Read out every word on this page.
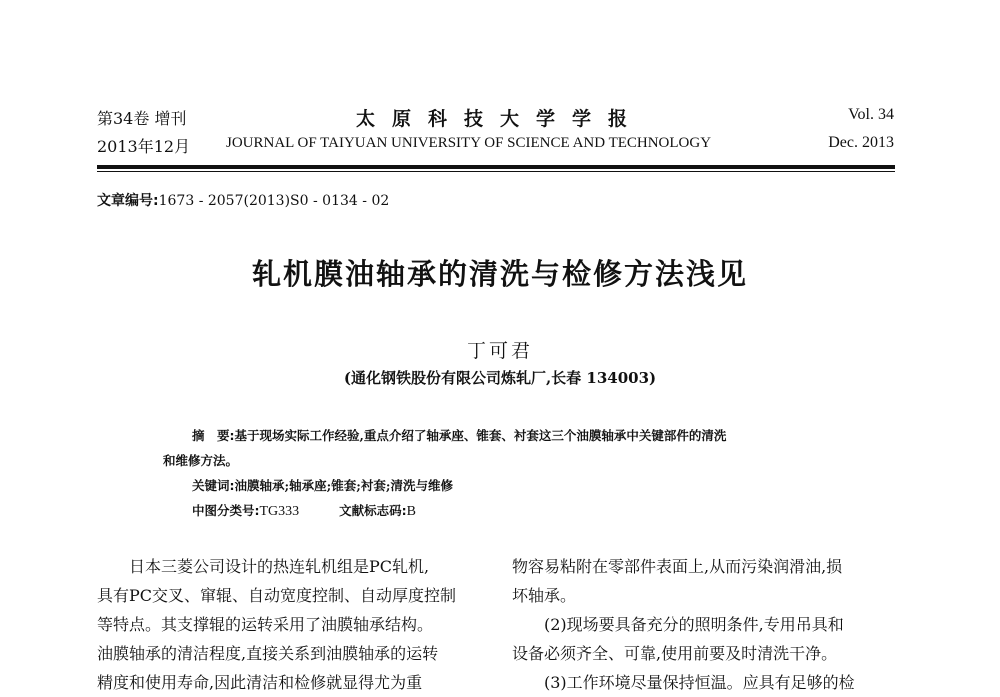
第34卷 增刊
2013年12月
太原科技大学学报
JOURNAL OF TAIYUAN UNIVERSITY OF SCIENCE AND TECHNOLOGY
Vol. 34
Dec. 2013
文章编号:1673 - 2057(2013)S0 - 0134 - 02
轧机膜油轴承的清洗与检修方法浅见
丁可君
(通化钢铁股份有限公司炼轧厂,长春 134003)
摘　要:基于现场实际工作经验,重点介绍了轴承座、锥套、衬套这三个油膜轴承中关键部件的清洗
和维修方法。
关键词:油膜轴承;轴承座;锥套;衬套;清洗与维修
中图分类号:TG333	文献标志码:B

日本三菱公司设计的热连轧机组是PC轧机,

具有PC交叉、窜辊、自动宽度控制、自动厚度控制

等特点。其支撑辊的运转采用了油膜轴承结构。

油膜轴承的清洁程度,直接关系到油膜轴承的运转

精度和使用寿命,因此清洁和检修就显得尤为重

物容易粘附在零部件表面上,从而污染润滑油,损

坏轴承。

(2)现场要具备充分的照明条件,专用吊具和

设备必须齐全、可靠,使用前要及时清洗干净。

(3)工作环境尽量保持恒温。应具有足够的检
